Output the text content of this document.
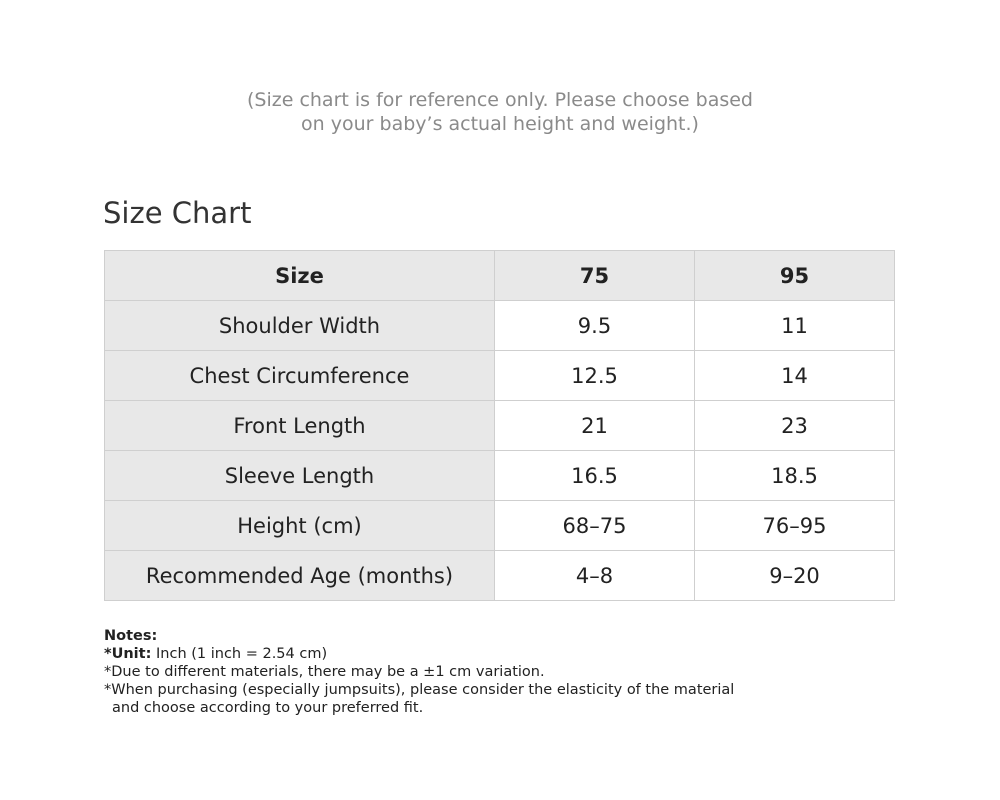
(Size chart is for reference only. Please choose based
on your baby’s actual height and weight.)
Size Chart
Size	75	95
Shoulder Width	9.5	11
Chest Circumference	12.5	14
Front Length	21	23
Sleeve Length	16.5	18.5
Height (cm)	68–75	76–95
Recommended Age (months)	4–8	9–20
Notes:
*Unit: Inch (1 inch = 2.54 cm)
*Due to different materials, there may be a ±1 cm variation.
*When purchasing (especially jumpsuits), please consider the elasticity of the material
and choose according to your preferred fit.
